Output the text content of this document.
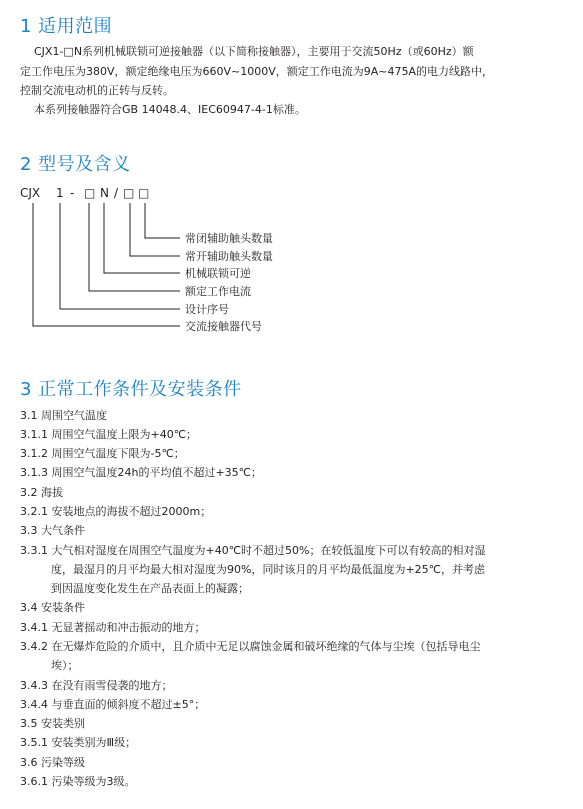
1 适用范围
CJX1-□N系列机械联锁可逆接触器（以下简称接触器），主要用于交流50Hz（或60Hz）额
定工作电压为380V，额定绝缘电压为660V~1000V，额定工作电流为9A~475A的电力线路中，
控制交流电动机的正转与反转。
本系列接触器符合GB 14048.4、IEC60947-4-1标准。
2 型号及含义
CJX 1 - □ N / □ □
常闭辅助触头数量
常开辅助触头数量
机械联锁可逆
额定工作电流
设计序号
交流接触器代号
3 正常工作条件及安装条件
3.1 周围空气温度
3.1.1 周围空气温度上限为+40℃；
3.1.2 周围空气温度下限为-5℃；
3.1.3 周围空气温度24h的平均值不超过+35℃；
3.2 海拔
3.2.1 安装地点的海拔不超过2000m；
3.3 大气条件
3.3.1 大气相对湿度在周围空气温度为+40℃时不超过50%；在较低温度下可以有较高的相对湿
度，最湿月的月平均最大相对湿度为90%，同时该月的月平均最低温度为+25℃，并考虑
到因温度变化发生在产品表面上的凝露；
3.4 安装条件
3.4.1 无显著摇动和冲击振动的地方；
3.4.2 在无爆炸危险的介质中，且介质中无足以腐蚀金属和破坏绝缘的气体与尘埃（包括导电尘
埃）；
3.4.3 在没有雨雪侵袭的地方；
3.4.4 与垂直面的倾斜度不超过±5°；
3.5 安装类别
3.5.1 安装类别为Ⅲ级；
3.6 污染等级
3.6.1 污染等级为3级。
